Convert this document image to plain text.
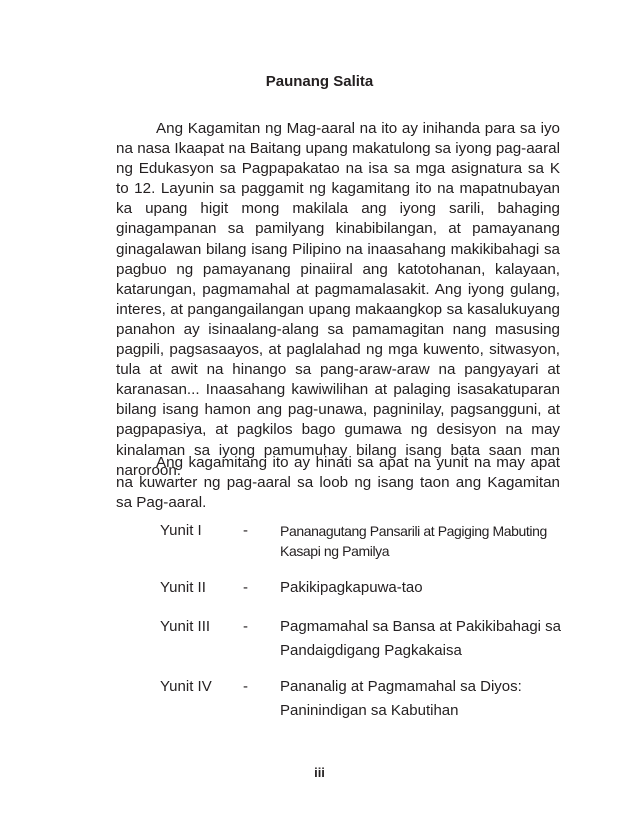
Paunang Salita

Ang Kagamitan ng Mag-aaral na ito ay inihanda para sa iyo na nasa Ikaapat na Baitang upang makatulong sa iyong pag-aaral ng Edukasyon sa Pagpapakatao na isa sa mga asignatura sa K to 12. Layunin sa paggamit ng kagamitang ito na mapatnubayan ka upang higit mong makilala ang iyong sarili, bahaging ginagampanan sa pamilyang kinabibilangan, at pamayanang ginagalawan bilang isang Pilipino na inaasahang makikibahagi sa pagbuo ng pamayanang pinaiiral ang katotohanan, kalayaan, katarungan, pagmamahal at pagmamalasakit. Ang iyong gulang, interes, at pangangailangan upang makaangkop sa kasalukuyang panahon ay isinaalang-alang sa pamamagitan nang masusing pagpili, pagsasaayos, at paglalahad ng mga kuwento, sitwasyon, tula at awit na hinango sa pang-araw-araw na pangyayari at karanasan... Inaasahang kawiwilihan at palaging isasakatuparan bilang isang hamon ang pag-unawa, pagninilay, pagsangguni, at pagpapasiya, at pagkilos bago gumawa ng desisyon na may kinalaman sa iyong pamumuhay bilang isang bata saan man naroroon.

Ang kagamitang ito ay hinati sa apat na yunit na may apat na kuwarter ng pag-aaral sa loob ng isang taon ang Kagamitan sa Pag-aaral.

Yunit I	-	Pananagutang Pansarili at Pagiging Mabuting Kasapi ng Pamilya
Yunit II	-	Pakikipagkapuwa-tao
Yunit III	-	Pagmamahal sa Bansa at Pakikibahagi sa Pandaigdigang Pagkakaisa
Yunit IV	-	Pananalig at Pagmamahal sa Diyos: Paninindigan sa Kabutihan
iii
